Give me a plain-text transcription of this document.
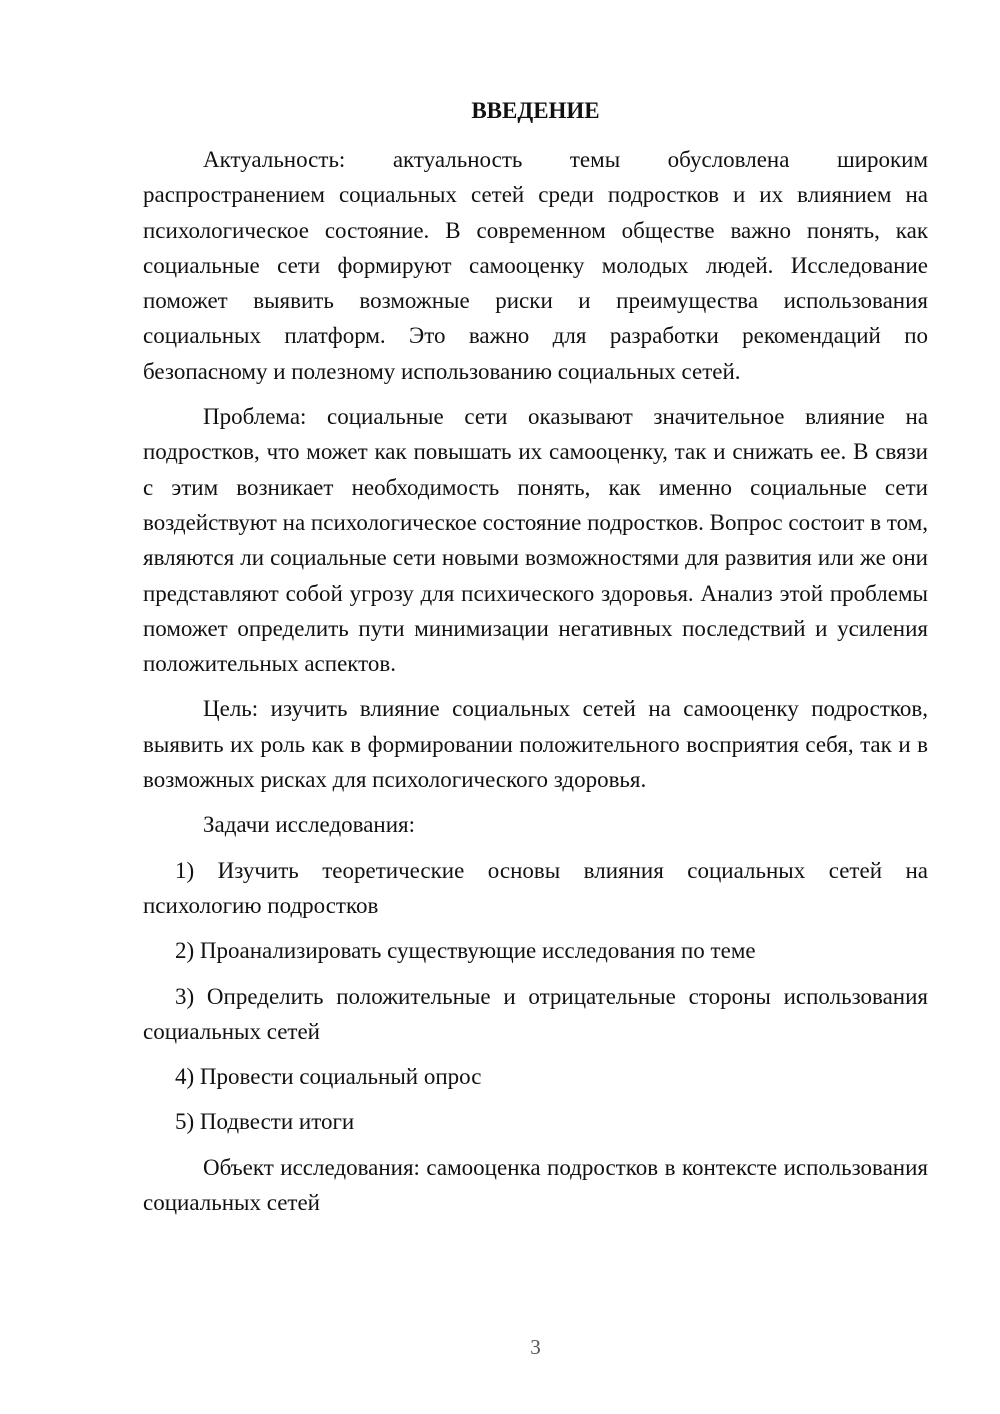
ВВЕДЕНИЕ

Актуальность: актуальность темы обусловлена широким распространением социальных сетей среди подростков и их влиянием на психологическое состояние. В современном обществе важно понять, как социальные сети формируют самооценку молодых людей. Исследование поможет выявить возможные риски и преимущества использования социальных платформ. Это важно для разработки рекомендаций по безопасному и полезному использованию социальных сетей.

Проблема: социальные сети оказывают значительное влияние на подростков, что может как повышать их самооценку, так и снижать ее. В связи с этим возникает необходимость понять, как именно социальные сети воздействуют на психологическое состояние подростков. Вопрос состоит в том, являются ли социальные сети новыми возможностями для развития или же они представляют собой угрозу для психического здоровья. Анализ этой проблемы поможет определить пути минимизации негативных последствий и усиления положительных аспектов.

Цель: изучить влияние социальных сетей на самооценку подростков, выявить их роль как в формировании положительного восприятия себя, так и в возможных рисках для психологического здоровья.

Задачи исследования:

1) Изучить теоретические основы влияния социальных сетей на психологию подростков

2) Проанализировать существующие исследования по теме

3) Определить положительные и отрицательные стороны использования социальных сетей

4) Провести социальный опрос

5) Подвести итоги

Объект исследования: самооценка подростков в контексте использования социальных сетей

3
